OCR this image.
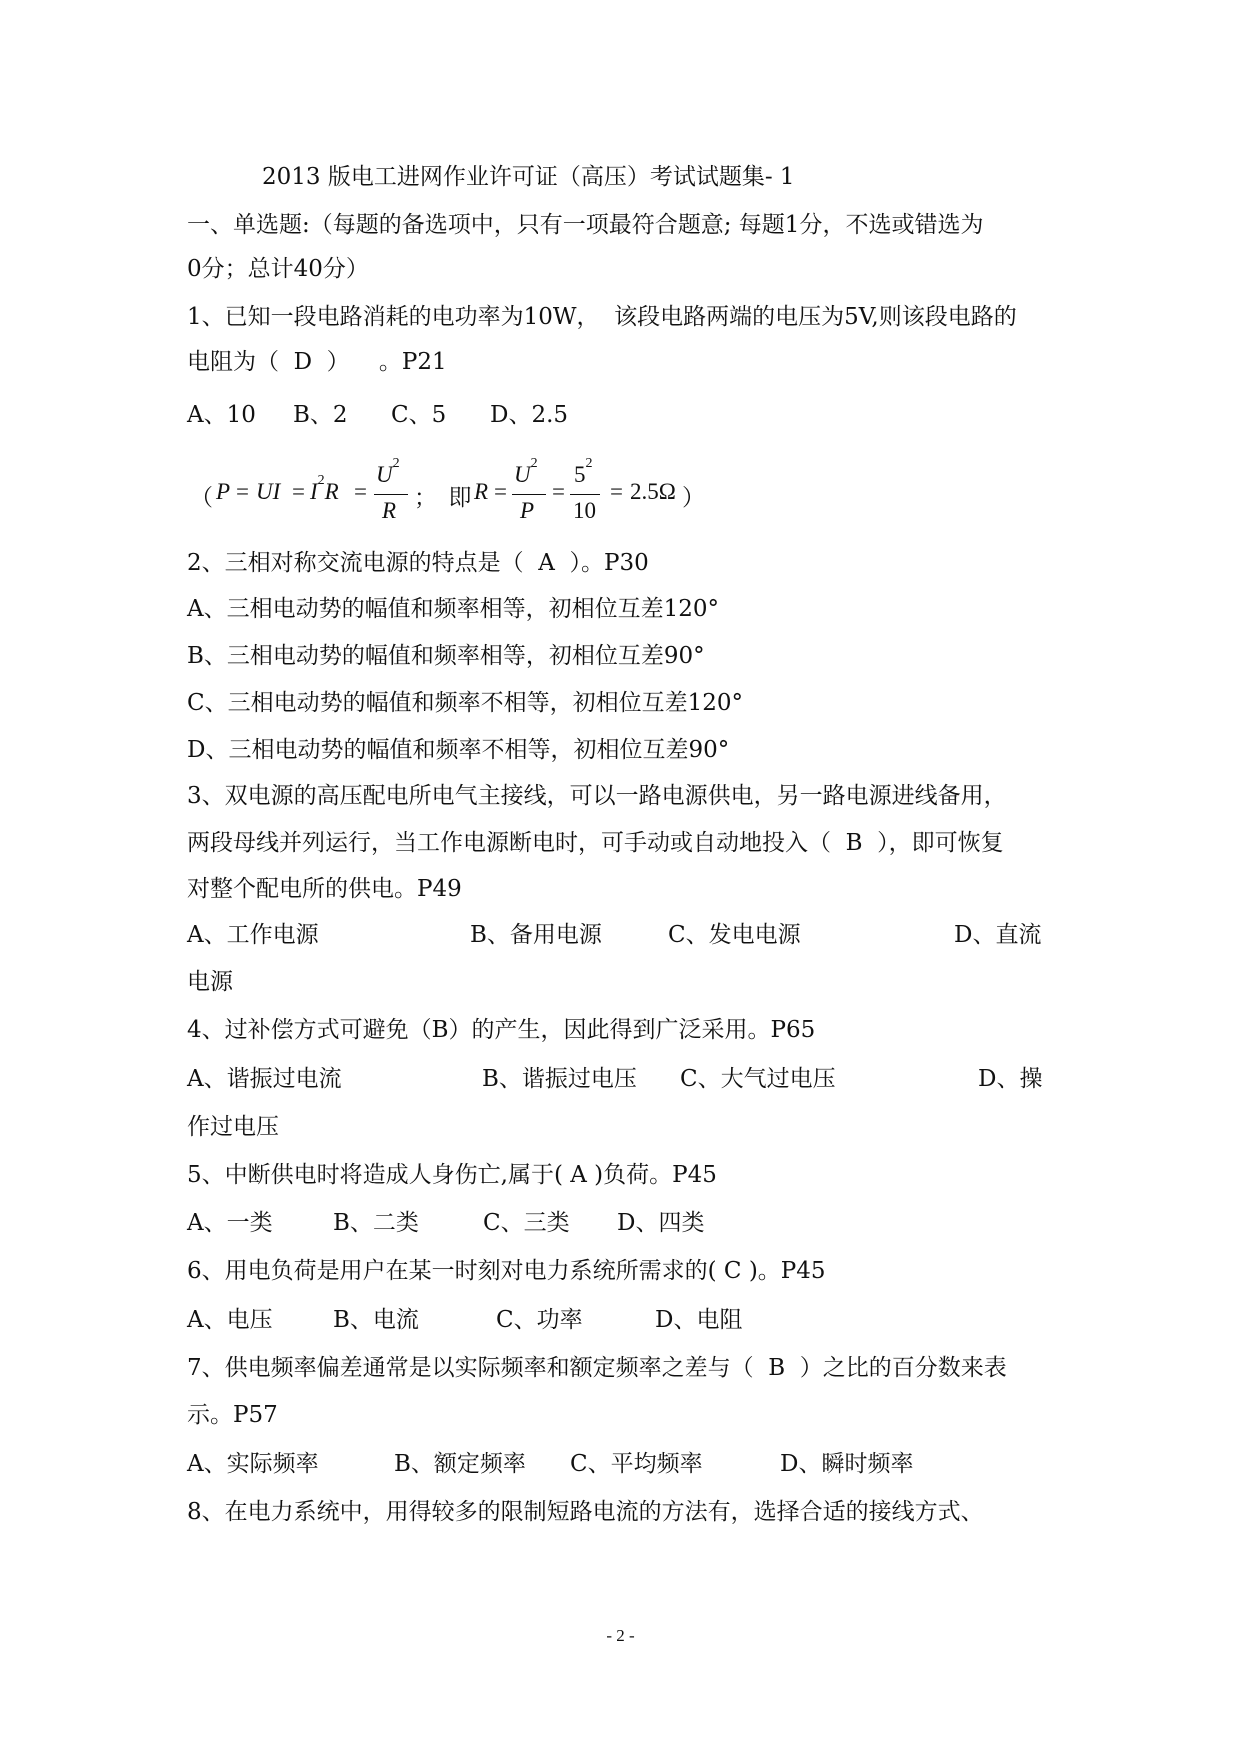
2013 版电工进网作业许可证（高压）考试试题集- 1
一、单选题:（每题的备选项中，只有一项最符合题意; 每题1分，不选或错选为
0分；总计40分）
1、已知一段电路消耗的电功率为10W，  该段电路两端的电压为5V,则该段电路的
电阻为（  D  ）    。P21
A、10 B、2 C、5 D、2.5
（ P = UI = $I^2R$ =
$U^2$
R
；  即 R =
$U^2$
P
=
$5^2$
10
= 2.5Ω ）
2、三相对称交流电源的特点是（  A  ）。P30
A、三相电动势的幅值和频率相等，初相位互差120°
B、三相电动势的幅值和频率相等，初相位互差90°
C、三相电动势的幅值和频率不相等，初相位互差120°
D、三相电动势的幅值和频率不相等，初相位互差90°
3、双电源的高压配电所电气主接线，可以一路电源供电，另一路电源进线备用，
两段母线并列运行，当工作电源断电时，可手动或自动地投入（  B  ），即可恢复
对整个配电所的供电。P49
A、工作电源	B、备用电源	C、发电电源	D、直流
电源
4、过补偿方式可避免（B）的产生，因此得到广泛采用。P65
A、谐振过电流	B、谐振过电压 C、大气过电压	D、操
作过电压
5、中断供电时将造成人身伤亡,属于( A )负荷。P45
A、一类	B、二类	C、三类 D、四类
6、用电负荷是用户在某一时刻对电力系统所需求的( C )。P45
A、电压	B、电流	C、功率	D、电阻
7、供电频率偏差通常是以实际频率和额定频率之差与（  B  ）之比的百分数来表
示。P57
A、实际频率	B、额定频率 C、平均频率	D、瞬时频率
8、在电力系统中，用得较多的限制短路电流的方法有，选择合适的接线方式、
- 2 -
